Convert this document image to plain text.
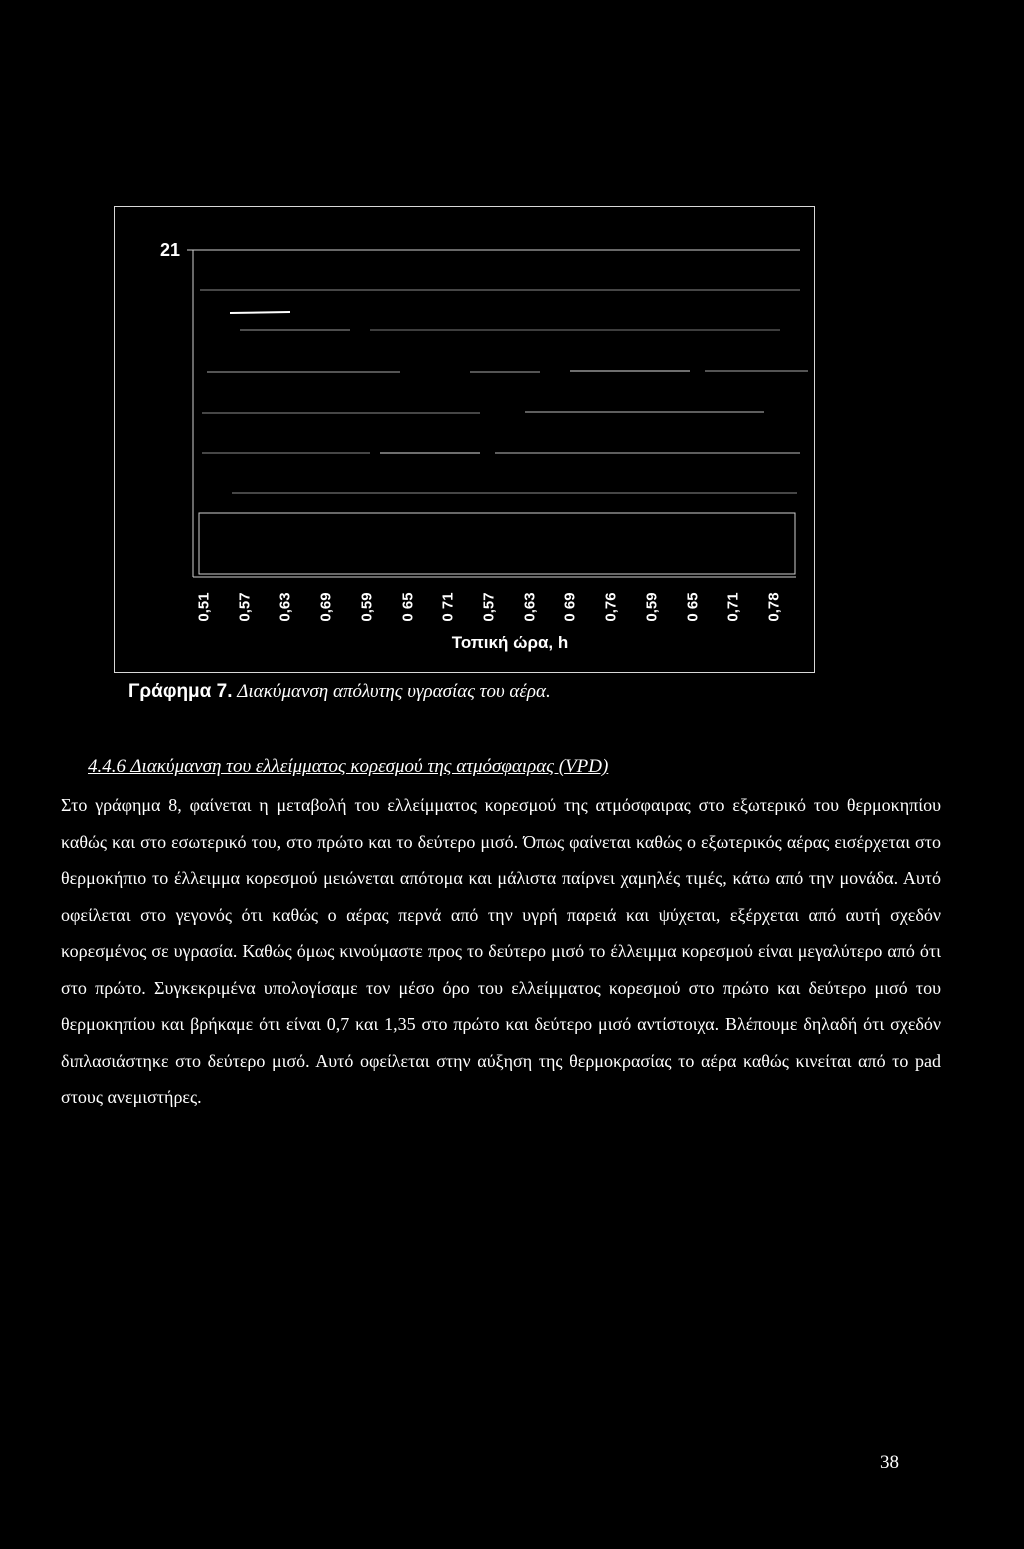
21
0,51 0,57 0,63 0,69 0,59 0 65 0 71 0,57 0,63 0 69 0,76 0,59 0 65 0,71 0,78
Τοπική ώρα, h
Γράφημα 7. Διακύμανση απόλυτης υγρασίας του αέρα.
4.4.6 Διακύμανση του ελλείμματος κορεσμού της ατμόσφαιρας (VPD)
Στο γράφημα 8, φαίνεται η μεταβολή του ελλείμματος κορεσμού της ατμόσφαιρας στο εξωτερικό του θερμοκηπίου καθώς και στο εσωτερικό του, στο πρώτο και το δεύτερο μισό. Όπως φαίνεται καθώς ο εξωτερικός αέρας εισέρχεται στο θερμοκήπιο το έλλειμμα κορεσμού μειώνεται απότομα και μάλιστα παίρνει χαμηλές τιμές, κάτω από την μονάδα. Αυτό οφείλεται στο γεγονός ότι καθώς ο αέρας περνά από την υγρή παρειά και ψύχεται, εξέρχεται από αυτή σχεδόν κορεσμένος σε υγρασία. Καθώς όμως κινούμαστε προς το δεύτερο μισό το έλλειμμα κορεσμού είναι μεγαλύτερο από ότι στο πρώτο. Συγκεκριμένα υπολογίσαμε τον μέσο όρο του ελλείμματος κορεσμού στο πρώτο και δεύτερο μισό του θερμοκηπίου και βρήκαμε ότι είναι 0,7 και 1,35 στο πρώτο και δεύτερο μισό αντίστοιχα. Βλέπουμε δηλαδή ότι σχεδόν διπλασιάστηκε στο δεύτερο μισό. Αυτό οφείλεται στην αύξηση της θερμοκρασίας το αέρα καθώς κινείται από το pad στους ανεμιστήρες.
38
